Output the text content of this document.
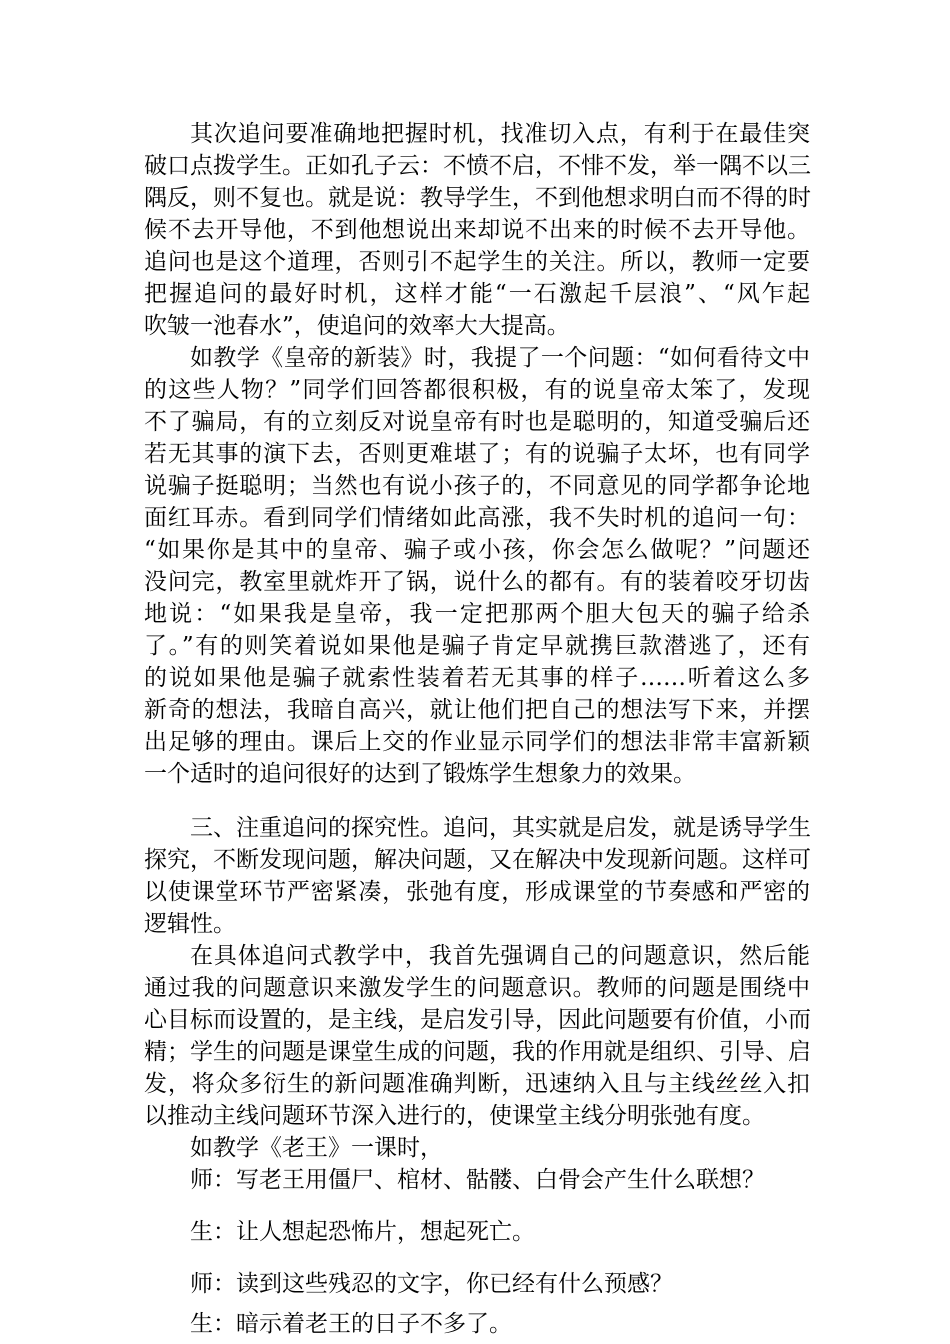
其次追问要准确地把握时机，找准切入点，有利于在最佳突
破口点拨学生。正如孔子云：不愤不启，不悱不发，举一隅不以三
隅反，则不复也。就是说：教导学生，不到他想求明白而不得的时
候不去开导他，不到他想说出来却说不出来的时候不去开导他。
追问也是这个道理，否则引不起学生的关注。所以，教师一定要
把握追问的最好时机，这样才能“一石激起千层浪”、“风乍起
吹皱一池春水”，使追问的效率大大提高。
如教学《皇帝的新装》时，我提了一个问题：“如何看待文中
的这些人物？”同学们回答都很积极，有的说皇帝太笨了，发现
不了骗局，有的立刻反对说皇帝有时也是聪明的，知道受骗后还
若无其事的演下去，否则更难堪了；有的说骗子太坏，也有同学
说骗子挺聪明；当然也有说小孩子的，不同意见的同学都争论地
面红耳赤。看到同学们情绪如此高涨，我不失时机的追问一句：
“如果你是其中的皇帝、骗子或小孩，你会怎么做呢？”问题还
没问完，教室里就炸开了锅，说什么的都有。有的装着咬牙切齿
地说：“如果我是皇帝，我一定把那两个胆大包天的骗子给杀
了。”有的则笑着说如果他是骗子肯定早就携巨款潜逃了，还有
的说如果他是骗子就索性装着若无其事的样子……听着这么多
新奇的想法，我暗自高兴，就让他们把自己的想法写下来，并摆
出足够的理由。课后上交的作业显示同学们的想法非常丰富新颖
一个适时的追问很好的达到了锻炼学生想象力的效果。
三、注重追问的探究性。追问，其实就是启发，就是诱导学生
探究，不断发现问题，解决问题，又在解决中发现新问题。这样可
以使课堂环节严密紧凑，张弛有度，形成课堂的节奏感和严密的
逻辑性。
在具体追问式教学中，我首先强调自己的问题意识，然后能
通过我的问题意识来激发学生的问题意识。教师的问题是围绕中
心目标而设置的，是主线，是启发引导，因此问题要有价值，小而
精；学生的问题是课堂生成的问题，我的作用就是组织、引导、启
发，将众多衍生的新问题准确判断，迅速纳入且与主线丝丝入扣
以推动主线问题环节深入进行的，使课堂主线分明张弛有度。
如教学《老王》一课时，
师：写老王用僵尸、棺材、骷髅、白骨会产生什么联想？
生：让人想起恐怖片，想起死亡。
师：读到这些残忍的文字，你已经有什么预感？
生：暗示着老王的日子不多了。
